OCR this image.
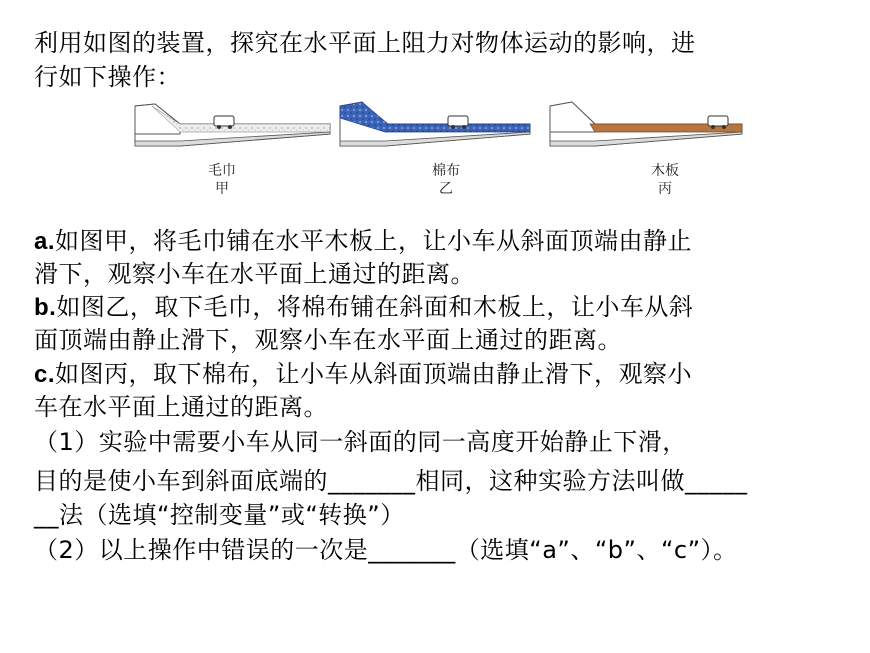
利用如图的装置，探究在水平面上阻力对物体运动的影响，进
行如下操作：
毛巾
甲
棉布
乙
木板
丙
a.如图甲，将毛巾铺在水平木板上，让小车从斜面顶端由静止
滑下，观察小车在水平面上通过的距离。
b.如图乙，取下毛巾，将棉布铺在斜面和木板上，让小车从斜
面顶端由静止滑下，观察小车在水平面上通过的距离。
c.如图丙，取下棉布，让小车从斜面顶端由静止滑下，观察小
车在水平面上通过的距离。
（1）实验中需要小车从同一斜面的同一高度开始静止下滑，
目的是使小车到斜面底端的_______相同，这种实验方法叫做_____
__法（选填“控制变量”或“转换”）
（2）以上操作中错误的一次是_______（选填“a”、“b”、“c”）。
